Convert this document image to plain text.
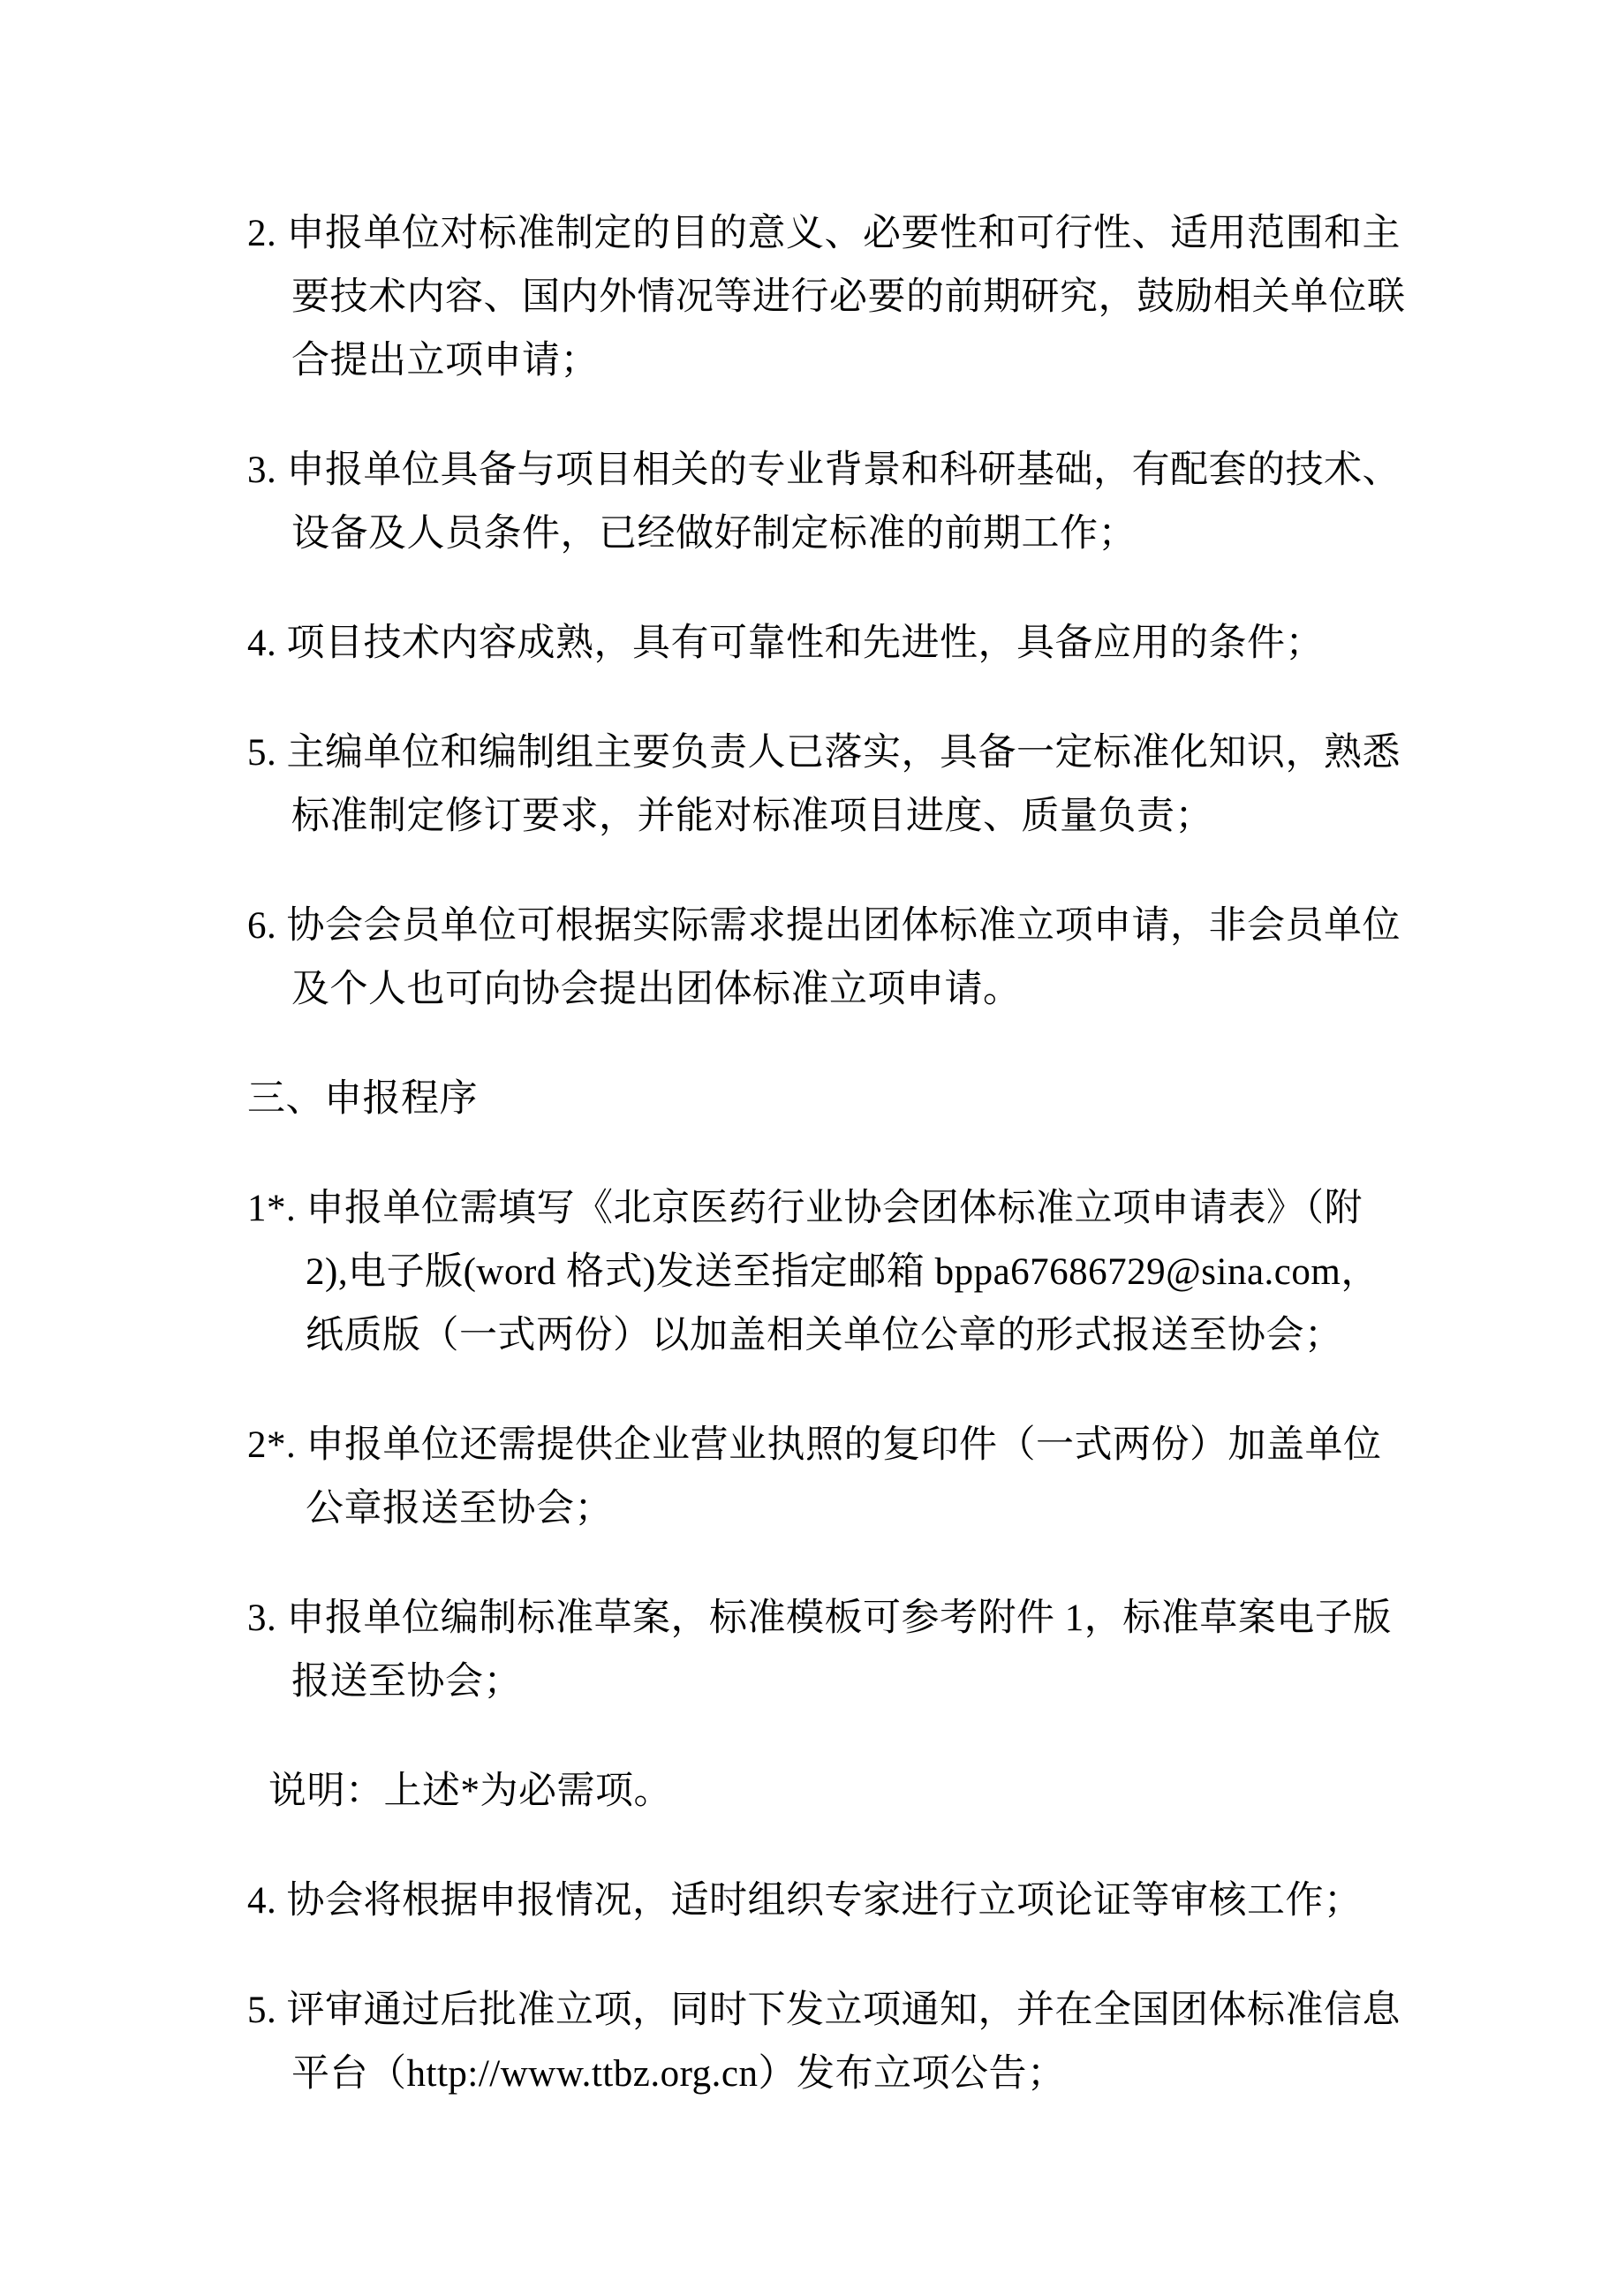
2. 申报单位对标准制定的目的意义、必要性和可行性、适用范围和主
要技术内容、国内外情况等进行必要的前期研究，鼓励相关单位联
合提出立项申请；
3. 申报单位具备与项目相关的专业背景和科研基础，有配套的技术、
设备及人员条件，已经做好制定标准的前期工作；
4. 项目技术内容成熟，具有可靠性和先进性，具备应用的条件；
5. 主编单位和编制组主要负责人已落实，具备一定标准化知识，熟悉
标准制定修订要求，并能对标准项目进度、质量负责；
6. 协会会员单位可根据实际需求提出团体标准立项申请，非会员单位
及个人也可向协会提出团体标准立项申请。
三、申报程序
1*. 申报单位需填写《北京医药行业协会团体标准立项申请表》（附
2),电子版(word 格式)发送至指定邮箱 bppa67686729@sina.com，
纸质版（一式两份）以加盖相关单位公章的形式报送至协会；
2*. 申报单位还需提供企业营业执照的复印件（一式两份）加盖单位
公章报送至协会；
3. 申报单位编制标准草案，标准模板可参考附件 1，标准草案电子版
报送至协会；
说明：上述*为必需项。
4. 协会将根据申报情况，适时组织专家进行立项论证等审核工作；
5. 评审通过后批准立项，同时下发立项通知，并在全国团体标准信息
平台（http://www.ttbz.org.cn）发布立项公告；
